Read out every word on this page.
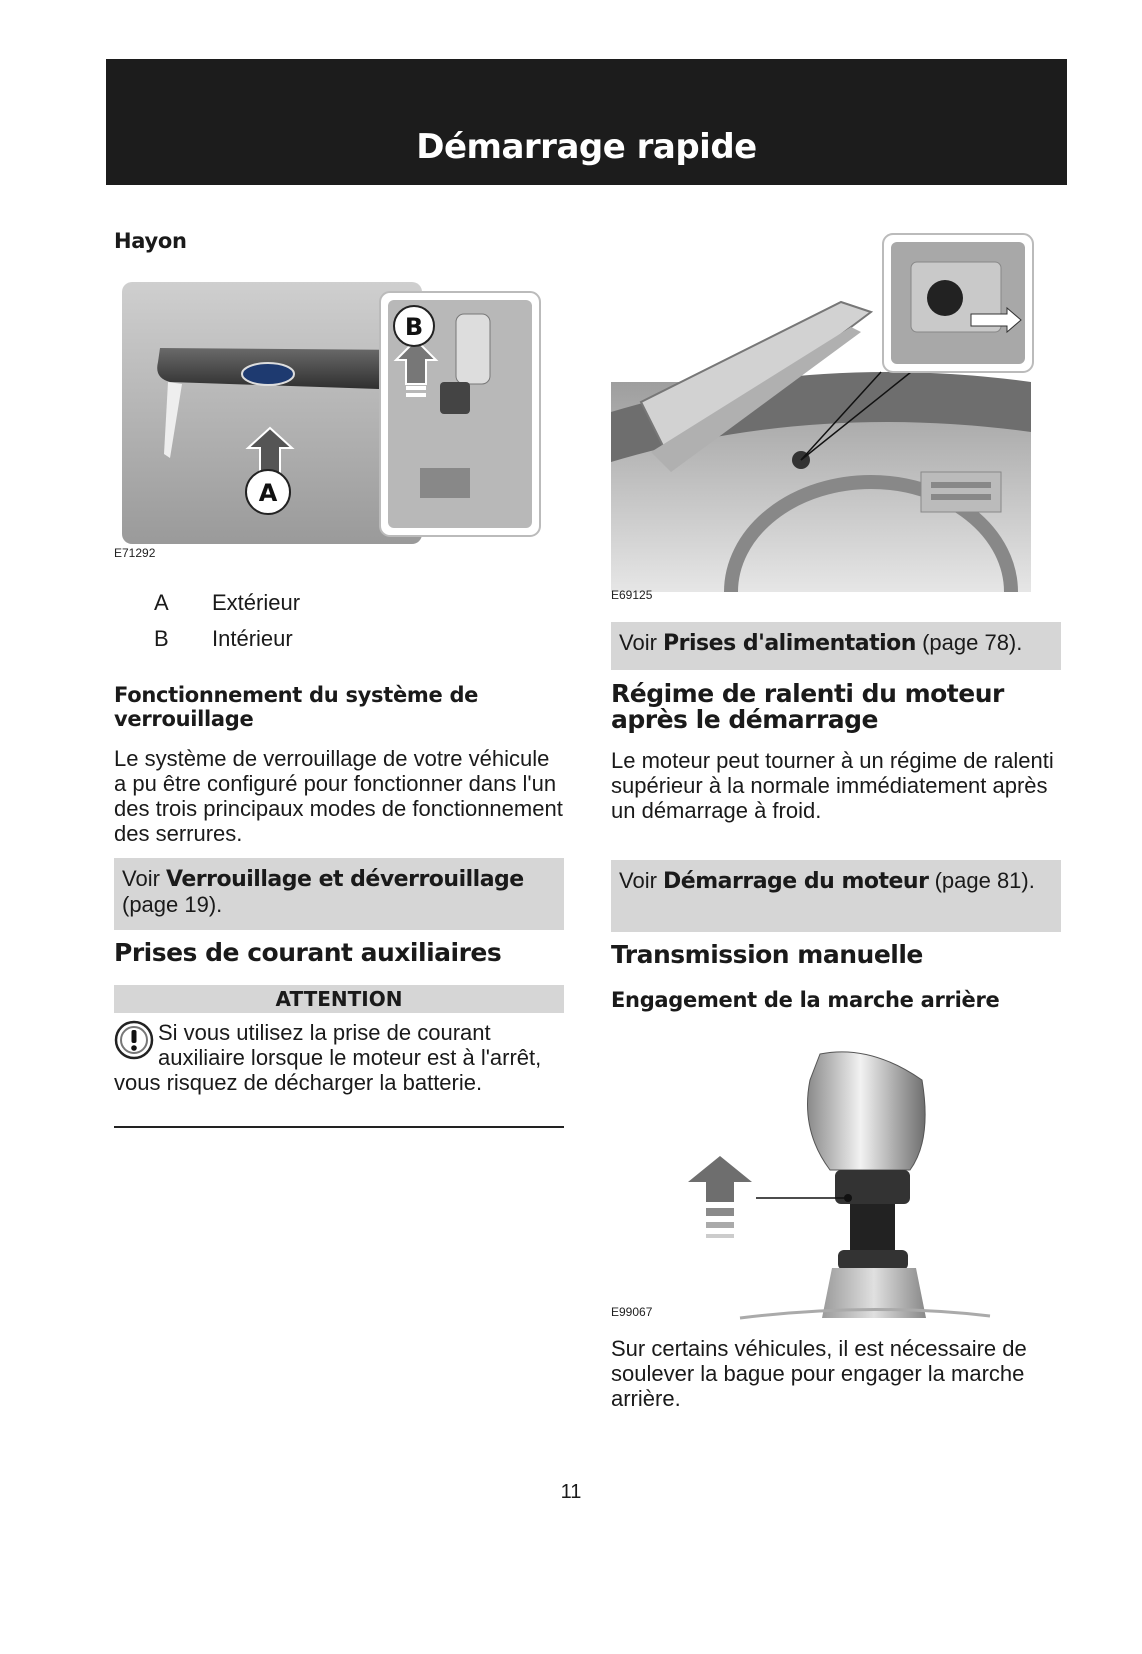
Démarrage rapide
Hayon
A
B
E71292
A Extérieur
B Intérieur
Fonctionnement du système de verrouillage

Le système de verrouillage de votre véhicule a pu être configuré pour fonctionner dans l'un des trois principaux modes de fonctionnement des serrures.

Voir Verrouillage et déverrouillage (page 19).
Prises de courant auxiliaires
ATTENTION

Si vous utilisez la prise de courant auxiliaire lorsque le moteur est à l'arrêt, vous risquez de décharger la batterie.

E69125
Voir Prises d'alimentation (page 78).
Régime de ralenti du moteur après le démarrage

Le moteur peut tourner à un régime de ralenti supérieur à la normale immédiatement après un démarrage à froid.

Voir Démarrage du moteur (page 81).
Transmission manuelle
Engagement de la marche arrière
E99067

Sur certains véhicules, il est nécessaire de soulever la bague pour engager la marche arrière.

11
